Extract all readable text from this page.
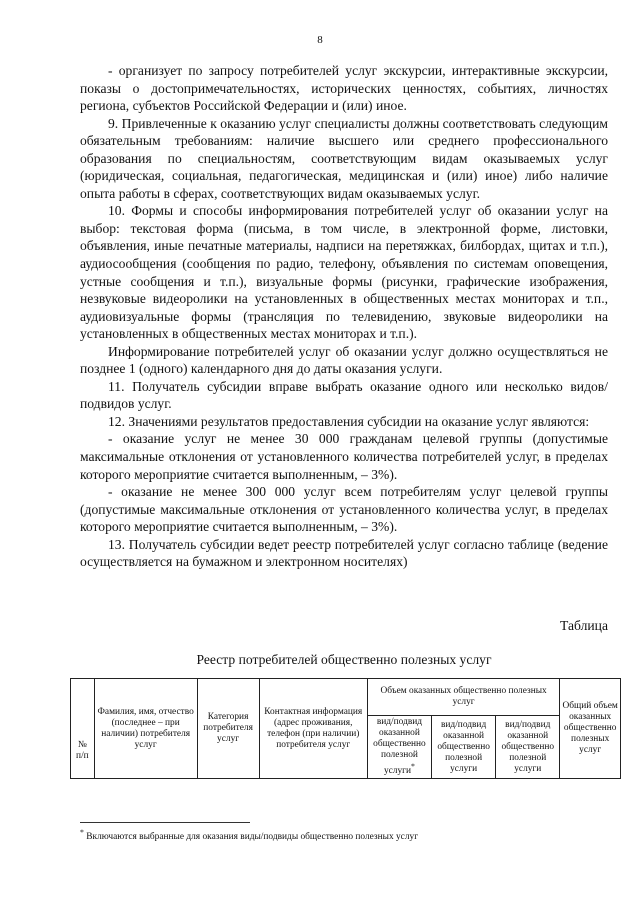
8

- организует по запросу потребителей услуг экскурсии, интерактивные экскурсии, показы о достопримечательностях, исторических ценностях, событиях, личностях региона, субъектов Российской Федерации и (или) иное.

9. Привлеченные к оказанию услуг специалисты должны соответствовать следующим обязательным требованиям: наличие высшего или среднего профессионального образования по специальностям, соответствующим видам оказываемых услуг (юридическая, социальная, педагогическая, медицинская и (или) иное) либо наличие опыта работы в сферах, соответствующих видам оказываемых услуг.

10. Формы и способы информирования потребителей услуг об оказании услуг на выбор: текстовая форма (письма, в том числе, в электронной форме, листовки, объявления, иные печатные материалы, надписи на перетяжках, билбордах, щитах и т.п.), аудиосообщения (сообщения по радио, телефону, объявления по системам оповещения, устные сообщения и т.п.), визуальные формы (рисунки, графические изображения, незвуковые видеоролики на установленных в общественных местах мониторах и т.п., аудиовизуальные формы (трансляция по телевидению, звуковые видеоролики на установленных в общественных местах мониторах и т.п.).

Информирование потребителей услуг об оказании услуг должно осуществляться не позднее 1 (одного) календарного дня до даты оказания услуги.

11. Получатель субсидии вправе выбрать оказание одного или несколько видов/подвидов услуг.

12. Значениями результатов предоставления субсидии на оказание услуг являются:

- оказание услуг не менее 30 000 гражданам целевой группы (допустимые максимальные отклонения от установленного количества потребителей услуг, в пределах которого мероприятие считается выполненным, – 3%).

- оказание не менее 300 000 услуг всем потребителям услуг целевой группы (допустимые максимальные отклонения от установленного количества услуг, в пределах которого мероприятие считается выполненным, – 3%).

13. Получатель субсидии ведет реестр потребителей услуг согласно таблице (ведение осуществляется на бумажном и электронном носителях)

Таблица
Реестр потребителей общественно полезных услуг
№ п/п	Фамилия, имя, отчество (последнее – при наличии) потребителя услуг	Категория потребителя услуг	Контактная информация (адрес проживания, телефон (при наличии) потребителя услуг	Объем оказанных общественно полезных услуг			Общий объем оказанных общественно полезных услуг
				вид/подвид оказанной общественно полезной услуги*	вид/подвид оказанной общественно полезной услуги	вид/подвид оказанной общественно полезной услуги	
* Включаются выбранные для оказания виды/подвиды общественно полезных услуг
